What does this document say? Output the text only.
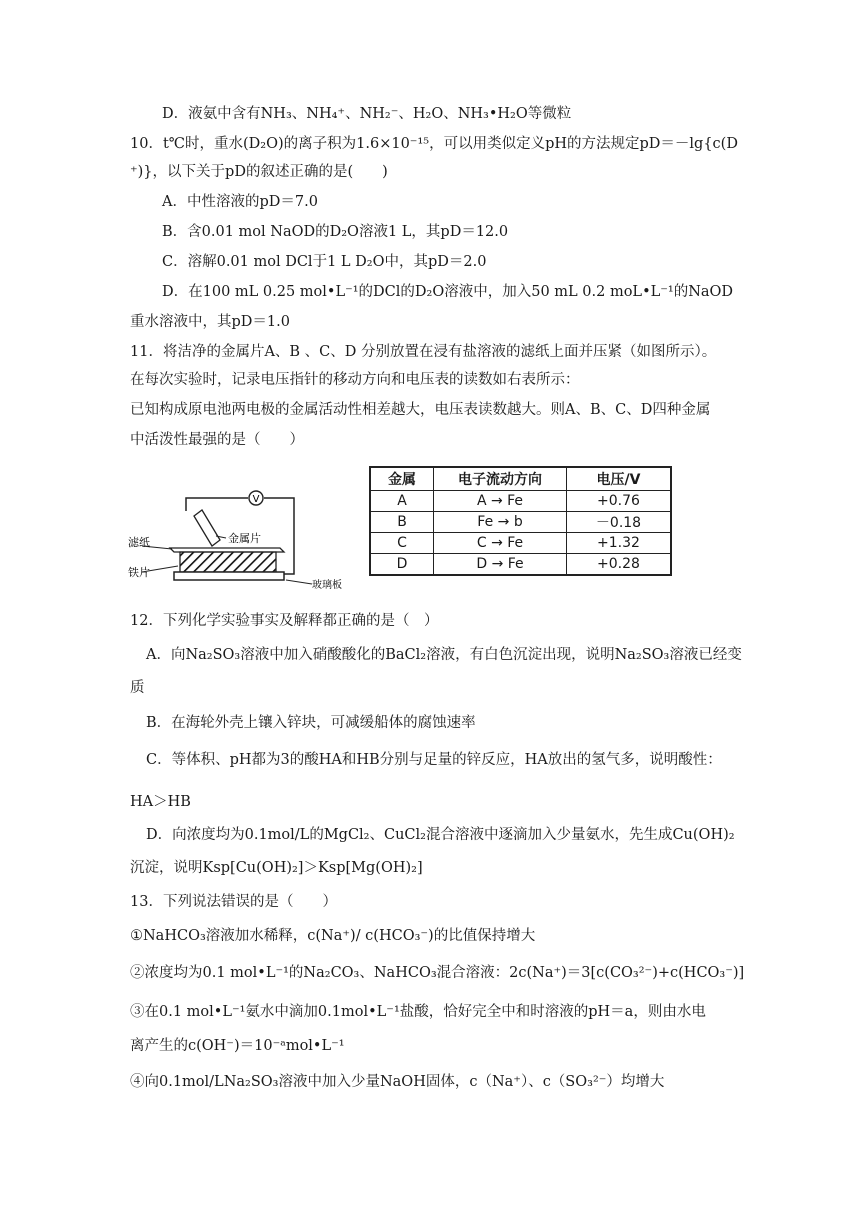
D．液氨中含有NH₃、NH₄⁺、NH₂⁻、H₂O、NH₃•H₂O等微粒
10．t℃时，重水(D₂O)的离子积为1.6×10⁻¹⁵，可以用类似定义pH的方法规定pD＝－lg{c(D
⁺)}，以下关于pD的叙述正确的是(　　)
A．中性溶液的pD＝7.0
B．含0.01 mol NaOD的D₂O溶液1 L，其pD＝12.0
C．溶解0.01 mol DCl于1 L D₂O中，其pD＝2.0
D．在100 mL 0.25 mol•L⁻¹的DCl的D₂O溶液中，加入50 mL 0.2 moL•L⁻¹的NaOD
重水溶液中，其pD＝1.0
11．将洁净的金属片A、B 、C、D 分别放置在浸有盐溶液的滤纸上面并压紧（如图所示）。
在每次实验时，记录电压指针的移动方向和电压表的读数如右表所示：
已知构成原电池两电极的金属活动性相差越大，电压表读数越大。则A、B、C、D四种金属
中活泼性最强的是（　　）
V
滤纸	金属片
铁片
玻璃板
金属	电子流动方向	电压/V
A	A → Fe	+0.76
B	Fe → b	－0.18
C	C → Fe	+1.32
D	D → Fe	+0.28
12．下列化学实验事实及解释都正确的是（　）
A．向Na₂SO₃溶液中加入硝酸酸化的BaCl₂溶液，有白色沉淀出现，说明Na₂SO₃溶液已经变
质
B．在海轮外壳上镶入锌块，可减缓船体的腐蚀速率
C．等体积、pH都为3的酸HA和HB分别与足量的锌反应，HA放出的氢气多，说明酸性：
HA＞HB
D．向浓度均为0.1mol/L的MgCl₂、CuCl₂混合溶液中逐滴加入少量氨水，先生成Cu(OH)₂
沉淀，说明Ksp[Cu(OH)₂]＞Ksp[Mg(OH)₂]
13．下列说法错误的是（　　）
①NaHCO₃溶液加水稀释，c(Na⁺)/ c(HCO₃⁻)的比值保持增大
②浓度均为0.1 mol•L⁻¹的Na₂CO₃、NaHCO₃混合溶液：2c(Na⁺)＝3[c(CO₃²⁻)+c(HCO₃⁻)]
③在0.1 mol•L⁻¹氨水中滴加0.1mol•L⁻¹盐酸，恰好完全中和时溶液的pH＝a，则由水电
离产生的c(OH⁻)＝10⁻ᵃmol•L⁻¹
④向0.1mol/LNa₂SO₃溶液中加入少量NaOH固体，c（Na⁺）、c（SO₃²⁻）均增大
